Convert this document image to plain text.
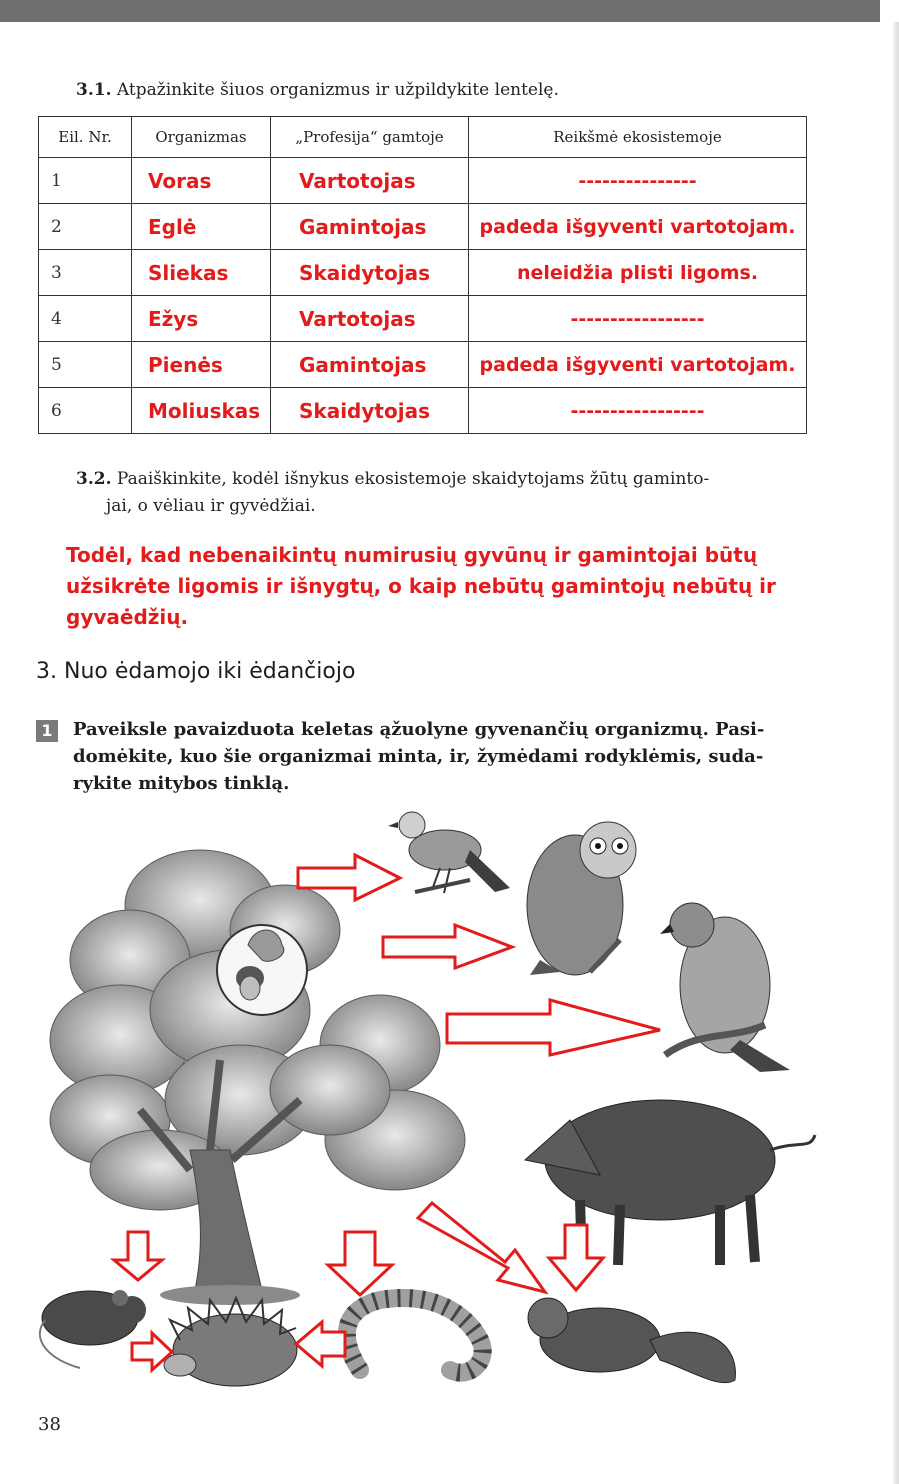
3.1. Atpažinkite šiuos organizmus ir užpildykite lentelę.
Eil. Nr.	Organizmas	„Profesija“ gamtoje	Reikšmė ekosistemoje
1	Voras	Vartotojas	---------------
2	Eglė	Gamintojas	padeda išgyventi vartotojam.
3	Sliekas	Skaidytojas	neleidžia plisti ligoms.
4	Ežys	Vartotojas	-----------------
5	Pienės	Gamintojas	padeda išgyventi vartotojam.
6	Moliuskas	Skaidytojas	-----------------
3.2. Paaiškinkite, kodėl išnykus ekosistemoje skaidytojams žūtų gaminto-
jai, o vėliau ir gyvėdžiai.
Todėl, kad nebenaikintų numirusių gyvūnų ir gamintojai būtų
užsikrėte ligomis ir išnygtų, o kaip nebūtų gamintojų nebūtų ir
gyvaėdžių.
3. Nuo ėdamojo iki ėdančiojo
1	Paveiksle pavaizduota keletas ąžuolyne gyvenančių organizmų. Pasi-
domėkite, kuo šie organizmai minta, ir, žymėdami rodyklėmis, suda-
rykite mitybos tinklą.
38
